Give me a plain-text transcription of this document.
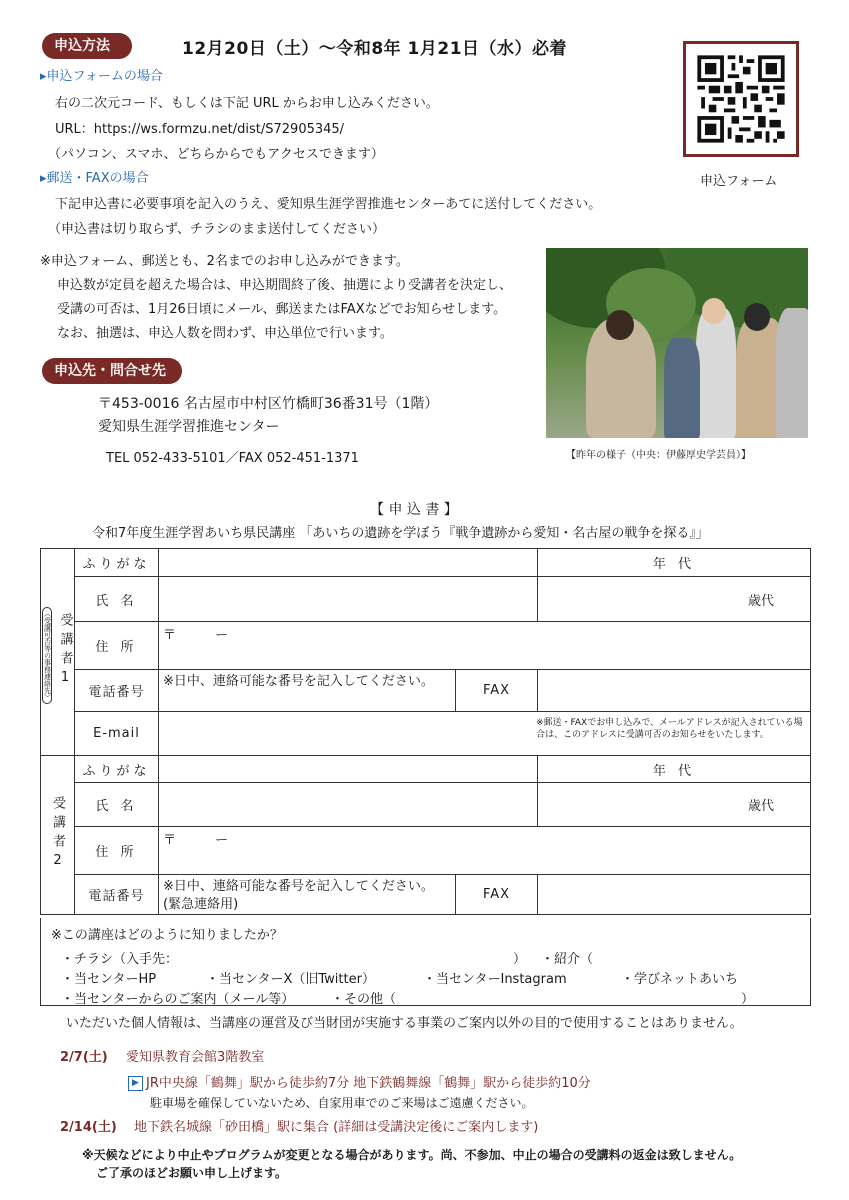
申込方法	12月20日（土）～令和8年 1月21日（水）必着
▸申込フォームの場合
右の二次元コード、もしくは下記 URL からお申し込みください。
URL：https://ws.formzu.net/dist/S72905345/
（パソコン、スマホ、どちらからでもアクセスできます）
▸郵送・FAXの場合
下記申込書に必要事項を記入のうえ、愛知県生涯学習推進センターあてに送付してください。
（申込書は切り取らず、チラシのまま送付してください）
申込フォーム
※申込フォーム、郵送とも、2名までのお申し込みができます。
申込数が定員を超えた場合は、申込期間終了後、抽選により受講者を決定し、
受講の可否は、1月26日頃にメール、郵送またはFAXなどでお知らせします。
なお、抽選は、申込人数を問わず、申込単位で行います。
【昨年の様子（中央：伊藤厚史学芸員）】
申込先・問合せ先
〒453-0016 名古屋市中村区竹橋町36番31号（1階）
愛知県生涯学習推進センター
TEL 052-433-5101／FAX 052-451-1371
【 申 込 書 】
令和7年度生涯学習あいち県民講座 「あいちの遺跡を学ぼう『戦争遺跡から愛知・名古屋の戦争を探る』」
受講者1
（受講可否等の事務連絡先）	ふりがな			年 代
	氏 名			歳代
	住 所	〒　　　ー		
	電話番号	※日中、連絡可能な番号を記入してください。	FAX	
	E-mail	※郵送・FAXでお申し込みで、メールアドレスが記入されている場合は、このアドレスに受講可否のお知らせをいたします。		

受講者2	ふりがな			年 代
	氏 名			歳代
	住 所	〒　　　ー		
	電話番号	※日中、連絡可能な番号を記入してください。(緊急連絡用)	FAX	
※この講座はどのように知りましたか？
・チラシ（入手先：	） ・紹介（
・当センターHP	・当センターX（旧Twitter）	・当センターInstagram	・学びネットあいち
・当センターからのご案内（メール等）	・その他（	）
いただいた個人情報は、当講座の運営及び当財団が実施する事業のご案内以外の目的で使用することはありません。
2/7(土) 愛知県教育会館3階教室
▶ JR中央線「鶴舞」駅から徒歩約7分 地下鉄鶴舞線「鶴舞」駅から徒歩約10分
駐車場を確保していないため、自家用車でのご来場はご遠慮ください。
2/14(土) 地下鉄名城線「砂田橋」駅に集合 (詳細は受講決定後にご案内します)
※天候などにより中止やプログラムが変更となる場合があります。尚、不参加、中止の場合の受講料の返金は致しません。
ご了承のほどお願い申し上げます。
